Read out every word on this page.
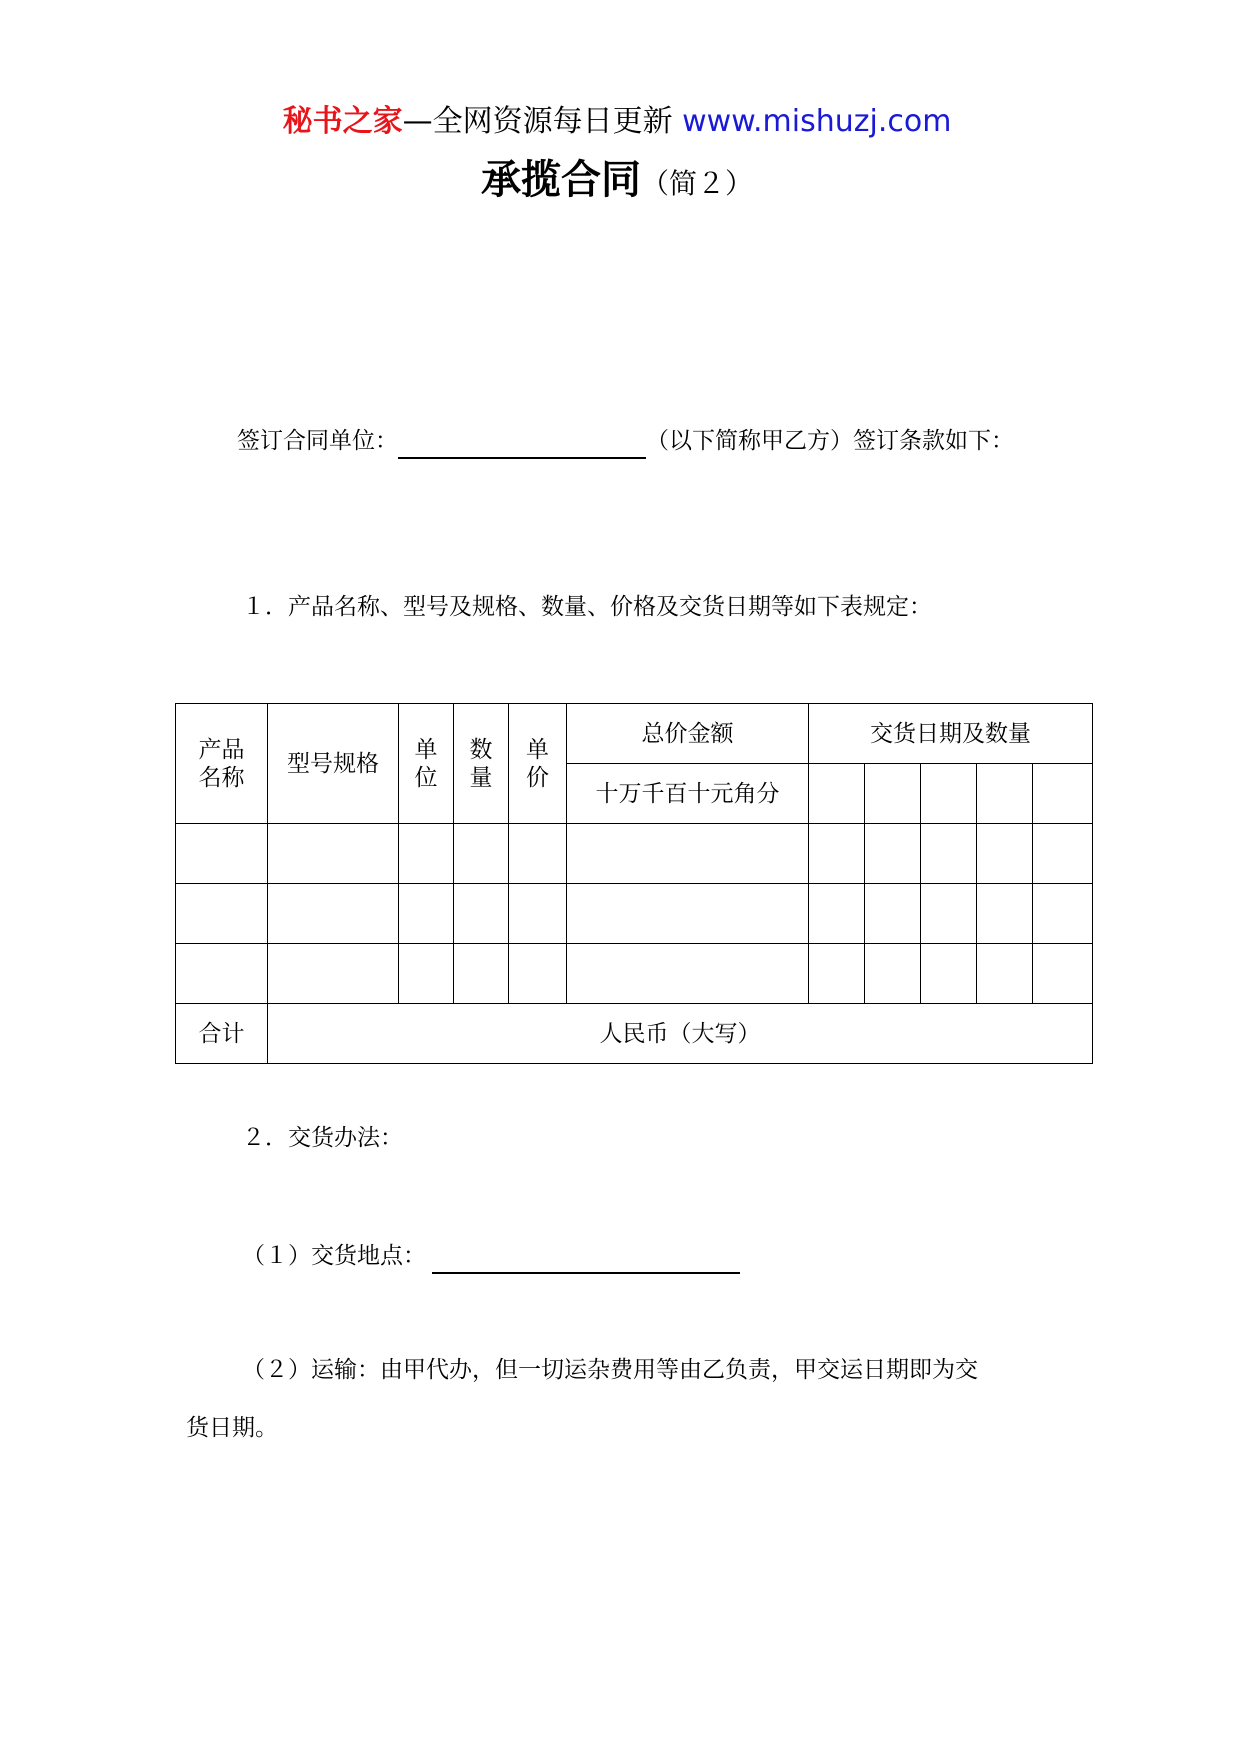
秘书之家—全网资源每日更新 www.mishuzj.com
承揽合同（简２）
签订合同单位：	（以下简称甲乙方）签订条款如下：
１．产品名称、型号及规格、数量、价格及交货日期等如下表规定：
产品名称	型号规格	单位	数量	单价	总价金额	交货日期及数量				
					十万千百十元角分					

合计	人民币（大写）									
２．交货办法：
（１）交货地点：
（２）运输：由甲代办，但一切运杂费用等由乙负责，甲交运日期即为交
货日期。
